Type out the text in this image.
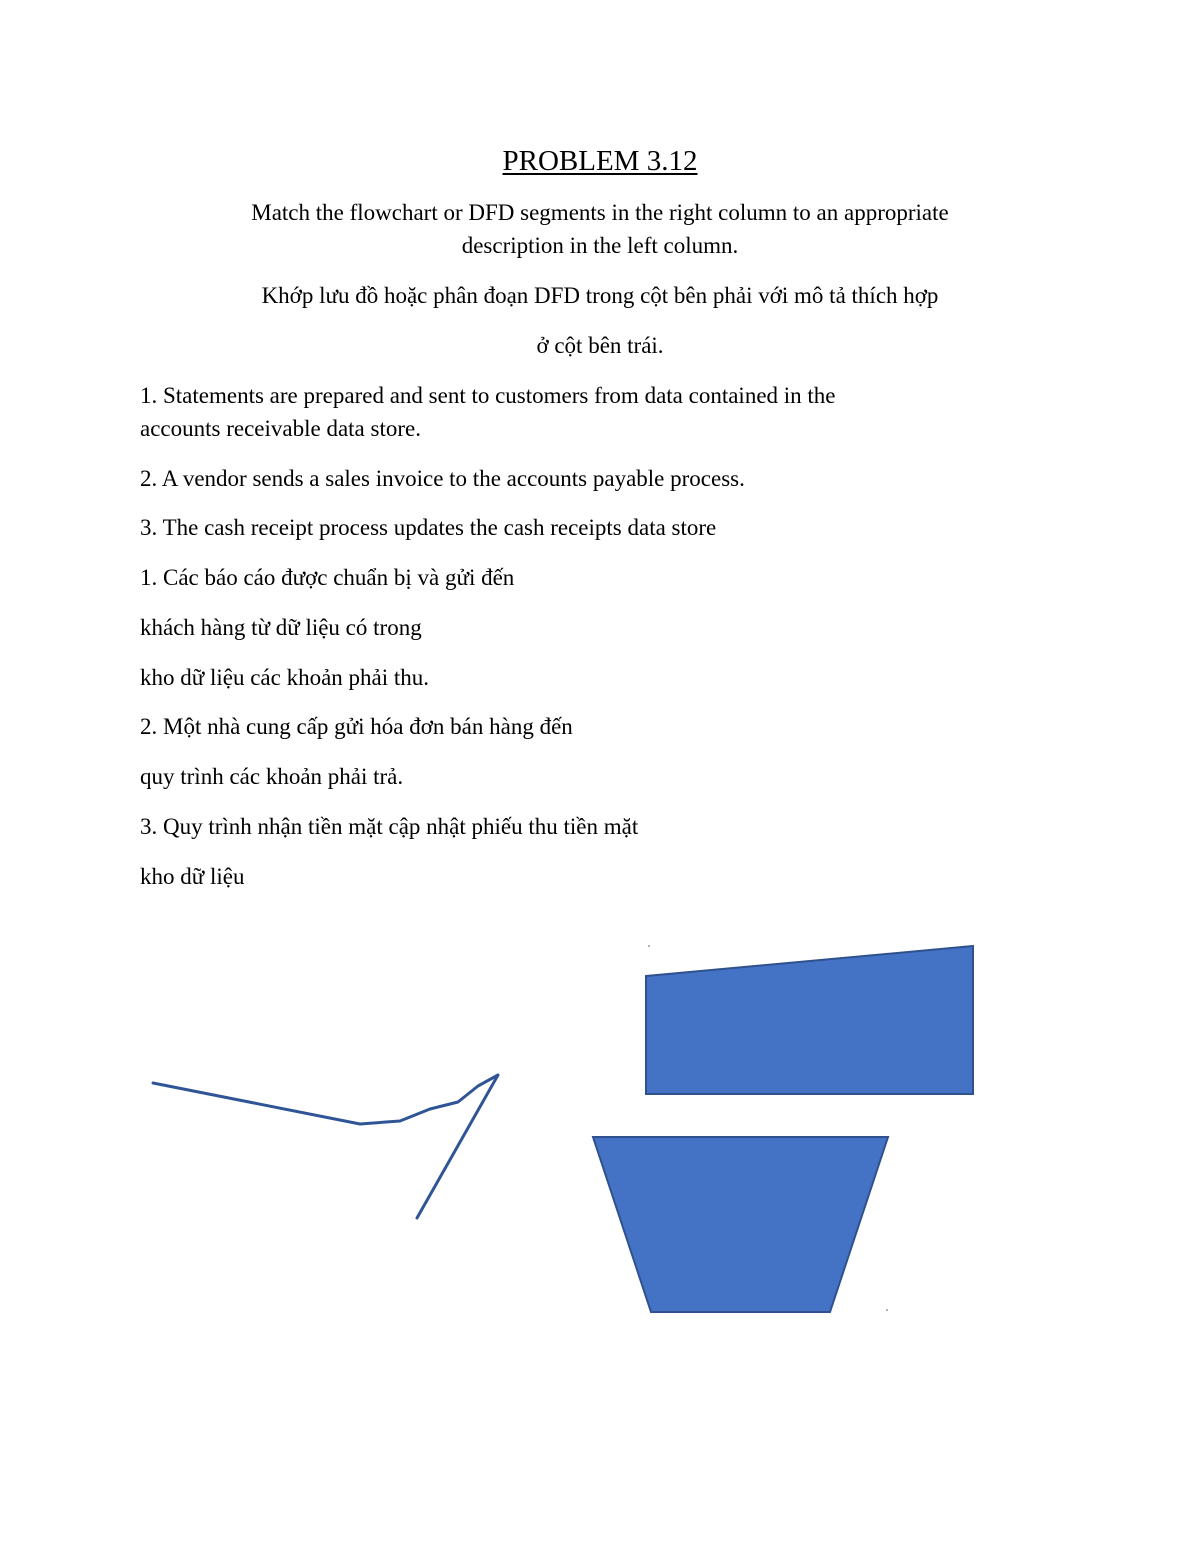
PROBLEM 3.12
Match the flowchart or DFD segments in the right column to an appropriate
description in the left column.
Khớp lưu đồ hoặc phân đoạn DFD trong cột bên phải với mô tả thích hợp
ở cột bên trái.
1. Statements are prepared and sent to customers from data contained in the
accounts receivable data store.
2. A vendor sends a sales invoice to the accounts payable process.
3. The cash receipt process updates the cash receipts data store
1. Các báo cáo được chuẩn bị và gửi đến
khách hàng từ dữ liệu có trong
kho dữ liệu các khoản phải thu.
2. Một nhà cung cấp gửi hóa đơn bán hàng đến
quy trình các khoản phải trả.
3. Quy trình nhận tiền mặt cập nhật phiếu thu tiền mặt
kho dữ liệu
